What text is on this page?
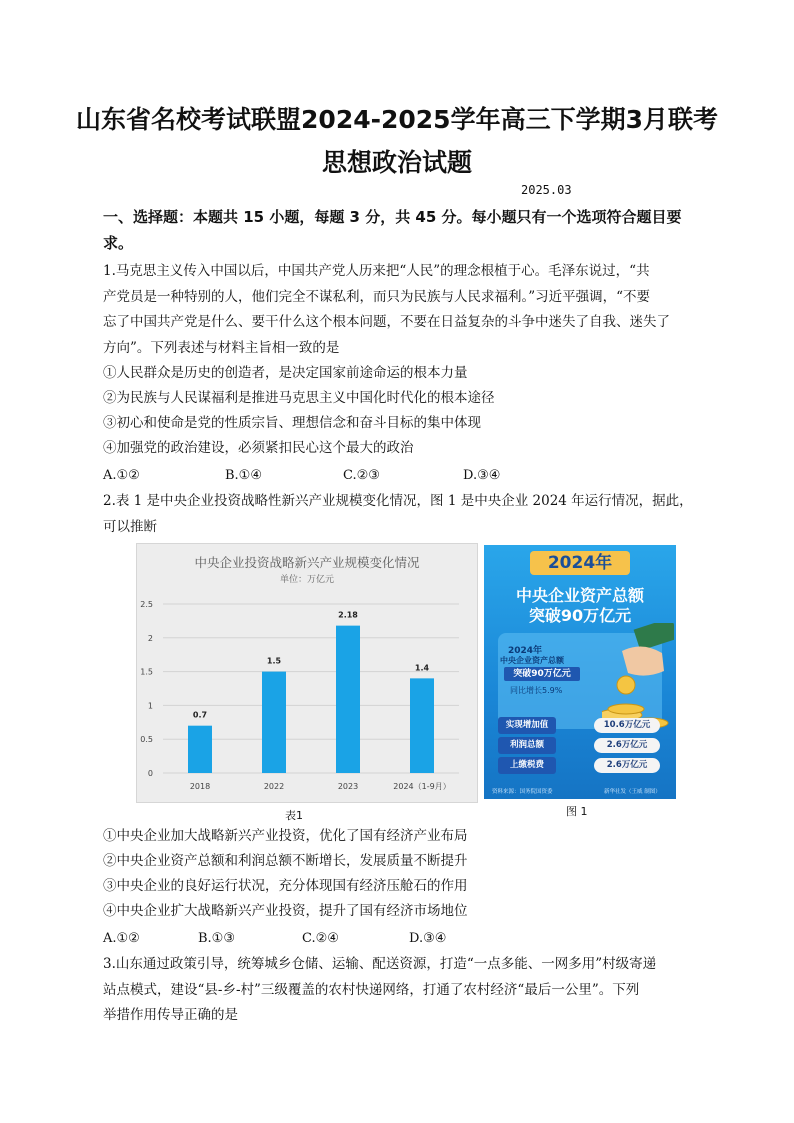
山东省名校考试联盟2024-2025学年高三下学期3月联考
思想政治试题
2025.03
一、选择题：本题共 15 小题，每题 3 分，共 45 分。每小题只有一个选项符合题目要
求。
1.马克思主义传入中国以后，中国共产党人历来把“人民”的理念根植于心。毛泽东说过，“共
产党员是一种特别的人，他们完全不谋私利，而只为民族与人民求福利。”习近平强调，“不要
忘了中国共产党是什么、要干什么这个根本问题，不要在日益复杂的斗争中迷失了自我、迷失了
方向”。下列表述与材料主旨相一致的是
①人民群众是历史的创造者，是决定国家前途命运的根本力量
②为民族与人民谋福利是推进马克思主义中国化时代化的根本途径
③初心和使命是党的性质宗旨、理想信念和奋斗目标的集中体现
④加强党的政治建设，必须紧扣民心这个最大的政治
A.①②	B.①④	C.②③	D.③④
2.表 1 是中央企业投资战略性新兴产业规模变化情况，图 1 是中央企业 2024 年运行情况，据此，
可以推断
中央企业投资战略新兴产业规模变化情况
单位：万亿元
0
0.5
1
1.5
2
2.5
0.7
2018
1.5
2022
2.18
2023
1.4
2024（1-9月）
表1
2024年
中央企业资产总额
突破90万亿元
2024年
中央企业资产总额
突破90万亿元
同比增长5.9%
实现增加值	10.6万亿元
利润总额	2.6万亿元
上缴税费	2.6万亿元
资料来源：国务院国资委	新华社发（王威 制图）
图 1
①中央企业加大战略新兴产业投资，优化了国有经济产业布局
②中央企业资产总额和利润总额不断增长，发展质量不断提升
③中央企业的良好运行状况，充分体现国有经济压舱石的作用
④中央企业扩大战略新兴产业投资，提升了国有经济市场地位
A.①②	B.①③	C.②④	D.③④
3.山东通过政策引导，统筹城乡仓储、运输、配送资源，打造“一点多能、一网多用”村级寄递
站点模式，建设“县-乡-村”三级覆盖的农村快递网络，打通了农村经济“最后一公里”。下列
举措作用传导正确的是
